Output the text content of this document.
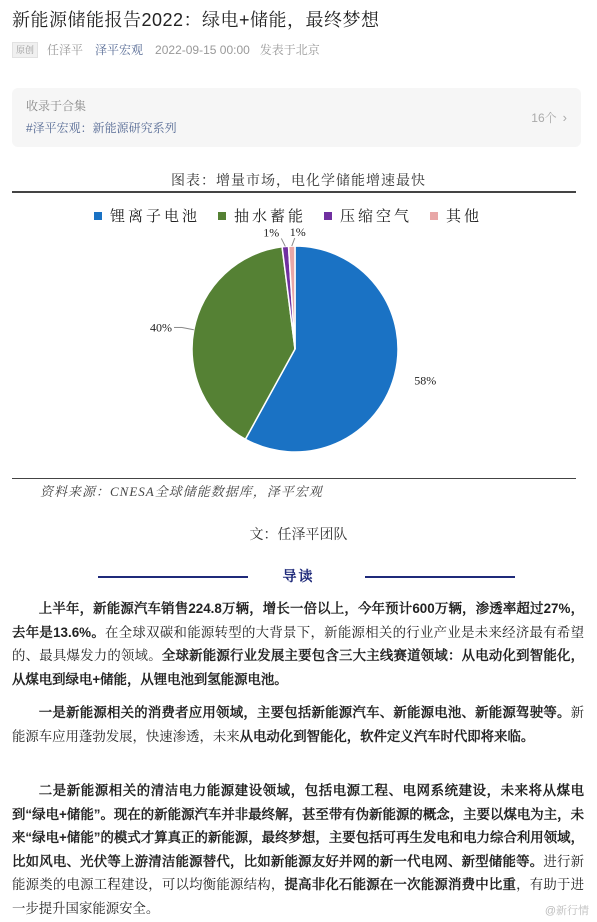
新能源储能报告2022：绿电+储能，最终梦想
原创	任泽平 泽平宏观 2022-09-15 00:00 发表于北京
收录于合集
#泽平宏观：新能源研究系列
16个 ›
图表：增量市场，电化学储能增速最快
锂离子电池 抽水蓄能 压缩空气 其他
58%
40%
1% 1%
资料来源：CNESA全球储能数据库，泽平宏观
文：任泽平团队
导读
上半年，新能源汽车销售224.8万辆，增长一倍以上，今年预计600万辆，渗透率超过27%，去年是13.6%。在全球双碳和能源转型的大背景下，新能源相关的行业产业是未来经济最有希望的、最具爆发力的领域。全球新能源行业发展主要包含三大主线赛道领域：从电动化到智能化，从煤电到绿电+储能，从锂电池到氢能源电池。
一是新能源相关的消费者应用领域，主要包括新能源汽车、新能源电池、新能源驾驶等。新能源车应用蓬勃发展，快速渗透，未来从电动化到智能化，软件定义汽车时代即将来临。
二是新能源相关的清洁电力能源建设领域，包括电源工程、电网系统建设，未来将从煤电到“绿电+储能”。现在的新能源汽车并非最终解，甚至带有伪新能源的概念，主要以煤电为主，未来“绿电+储能”的模式才算真正的新能源，最终梦想，主要包括可再生发电和电力综合利用领域，比如风电、光伏等上游清洁能源替代，比如新能源友好并网的新一代电网、新型储能等。进行新能源类的电源工程建设，可以均衡能源结构，提高非化石能源在一次能源消费中比重，有助于进一步提升国家能源安全。	@新行情
